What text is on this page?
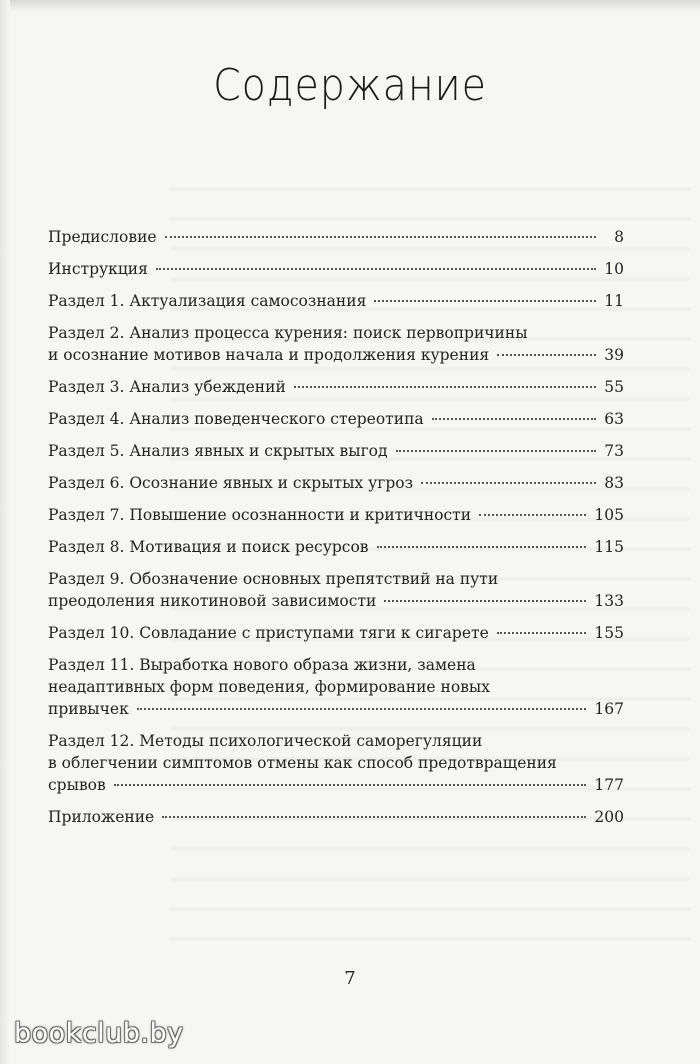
Содержание
Предисловие	8
Инструкция	10
Раздел 1. Актуализация самосознания	11
Раздел 2. Анализ процесса курения: поиск первопричины
и осознание мотивов начала и продолжения курения	39
Раздел 3. Анализ убеждений	55
Раздел 4. Анализ поведенческого стереотипа	63
Раздел 5. Анализ явных и скрытых выгод	73
Раздел 6. Осознание явных и скрытых угроз	83
Раздел 7. Повышение осознанности и критичности	105
Раздел 8. Мотивация и поиск ресурсов	115
Раздел 9. Обозначение основных препятствий на пути
преодоления никотиновой зависимости	133
Раздел 10. Совладание с приступами тяги к сигарете	155
Раздел 11. Выработка нового образа жизни, замена
неадаптивных форм поведения, формирование новых
привычек	167
Раздел 12. Методы психологической саморегуляции
в облегчении симптомов отмены как способ предотвращения
срывов	177
Приложение	200
7
bookclub.by
